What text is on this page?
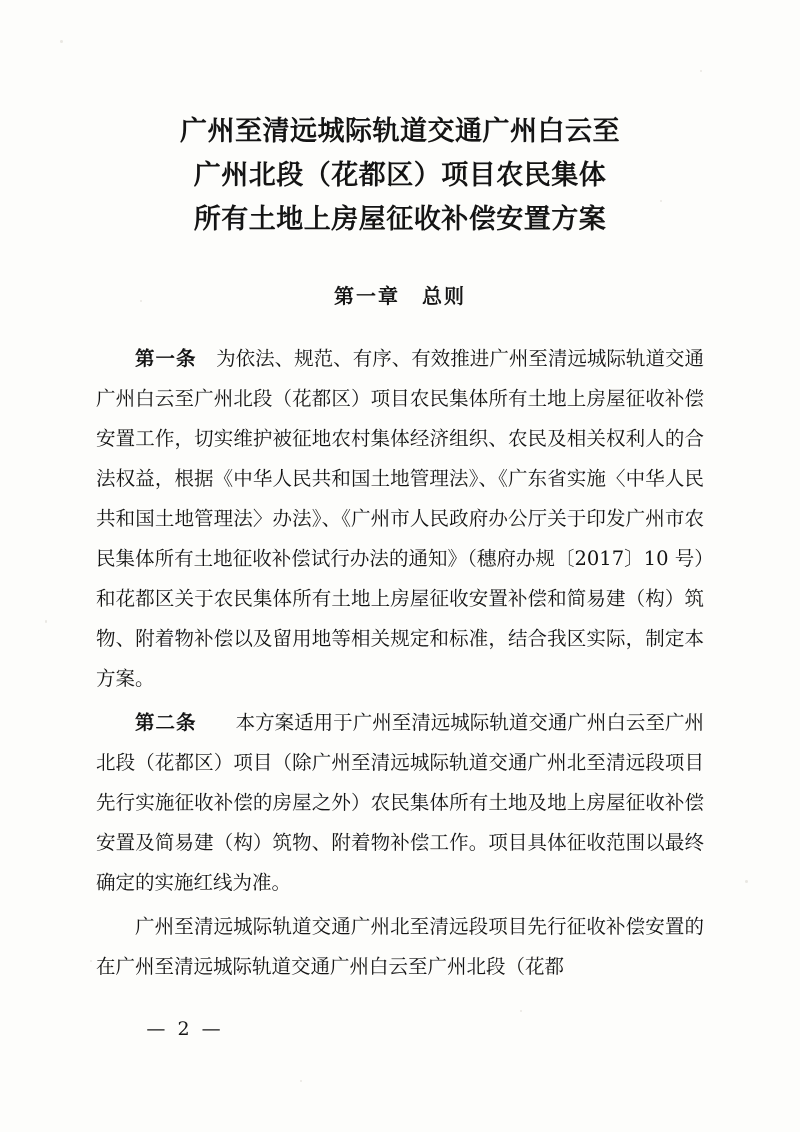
广州至清远城际轨道交通广州白云至
广州北段（花都区）项目农民集体
所有土地上房屋征收补偿安置方案
第一章　总则

第一条　为依法、规范、有序、有效推进广州至清远城际轨道交通广州白云至广州北段（花都区）项目农民集体所有土地上房屋征收补偿安置工作，切实维护被征地农村集体经济组织、农民及相关权利人的合法权益，根据《中华人民共和国土地管理法》、《广东省实施〈中华人民共和国土地管理法〉办法》、《广州市人民政府办公厅关于印发广州市农民集体所有土地征收补偿试行办法的通知》（穗府办规〔2017〕10 号）和花都区关于农民集体所有土地上房屋征收安置补偿和简易建（构）筑物、附着物补偿以及留用地等相关规定和标准，结合我区实际，制定本方案。

第二条　　本方案适用于广州至清远城际轨道交通广州白云至广州北段（花都区）项目（除广州至清远城际轨道交通广州北至清远段项目先行实施征收补偿的房屋之外）农民集体所有土地及地上房屋征收补偿安置及简易建（构）筑物、附着物补偿工作。项目具体征收范围以最终确定的实施红线为准。

广州至清远城际轨道交通广州北至清远段项目先行征收补偿安置的在广州至清远城际轨道交通广州白云至广州北段（花都

— 2 —
